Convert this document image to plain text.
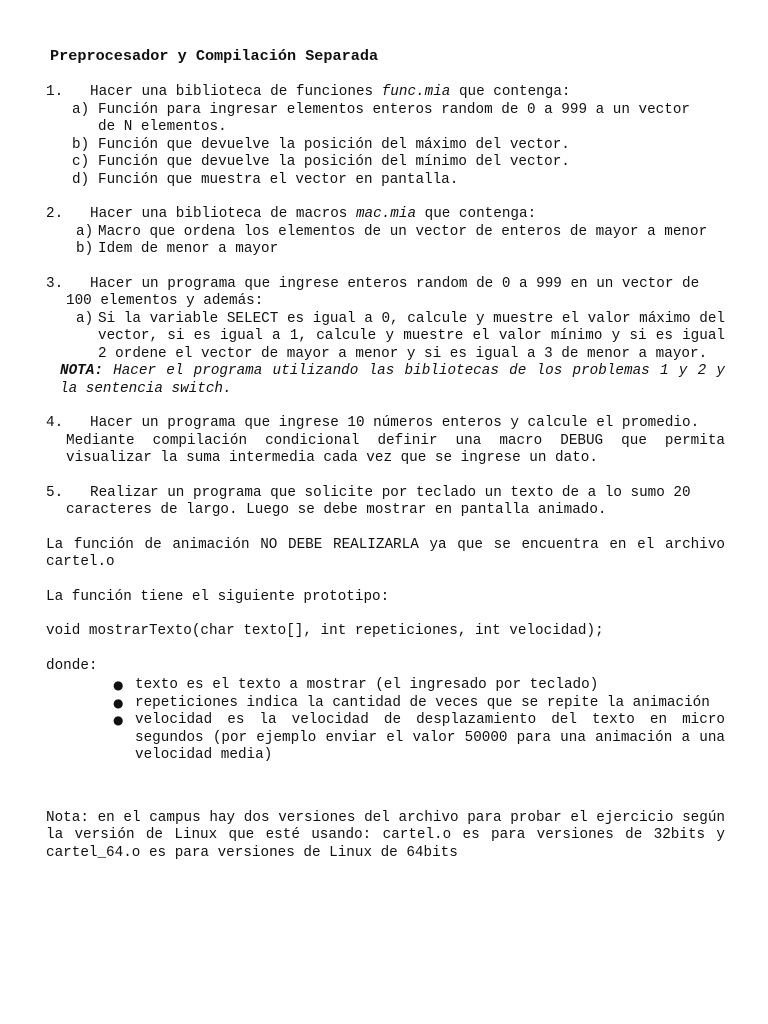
Preprocesador y Compilación Separada
1.	Hacer una biblioteca de funciones func.mia que contenga:
a) Función para ingresar elementos enteros random de 0 a 999 a un vector
de N elementos.
b) Función que devuelve la posición del máximo del vector.
c) Función que devuelve la posición del mínimo del vector.
d) Función que muestra el vector en pantalla.
2.	Hacer una biblioteca de macros mac.mia que contenga:
a) Macro que ordena los elementos de un vector de enteros de mayor a menor
b) Idem de menor a mayor
3.	Hacer un programa que ingrese enteros random de 0 a 999 en un vector de
100 elementos y además:
a) Si la variable SELECT es igual a 0, calcule y muestre el valor máximo del vector, si es igual a 1, calcule y muestre el valor mínimo y si es igual 2 ordene el vector de mayor a menor y si es igual a 3 de menor a mayor.
NOTA: Hacer el programa utilizando las bibliotecas de los problemas 1 y 2 y la sentencia switch.
4.	Hacer un programa que ingrese 10 números enteros y calcule el promedio.
Mediante compilación condicional definir una macro DEBUG que permita visualizar la suma intermedia cada vez que se ingrese un dato.
5.	Realizar un programa que solicite por teclado un texto de a lo sumo 20
caracteres de largo. Luego se debe mostrar en pantalla animado.
La función de animación NO DEBE REALIZARLA ya que se encuentra en el archivo cartel.o
La función tiene el siguiente prototipo:
void mostrarTexto(char texto[], int repeticiones, int velocidad);
donde:
● texto es el texto a mostrar (el ingresado por teclado)
● repeticiones indica la cantidad de veces que se repite la animación
● velocidad es la velocidad de desplazamiento del texto en micro segundos (por ejemplo enviar el valor 50000 para una animación a una velocidad media)
Nota: en el campus hay dos versiones del archivo para probar el ejercicio según la versión de Linux que esté usando: cartel.o es para versiones de 32bits y cartel_64.o es para versiones de Linux de 64bits
